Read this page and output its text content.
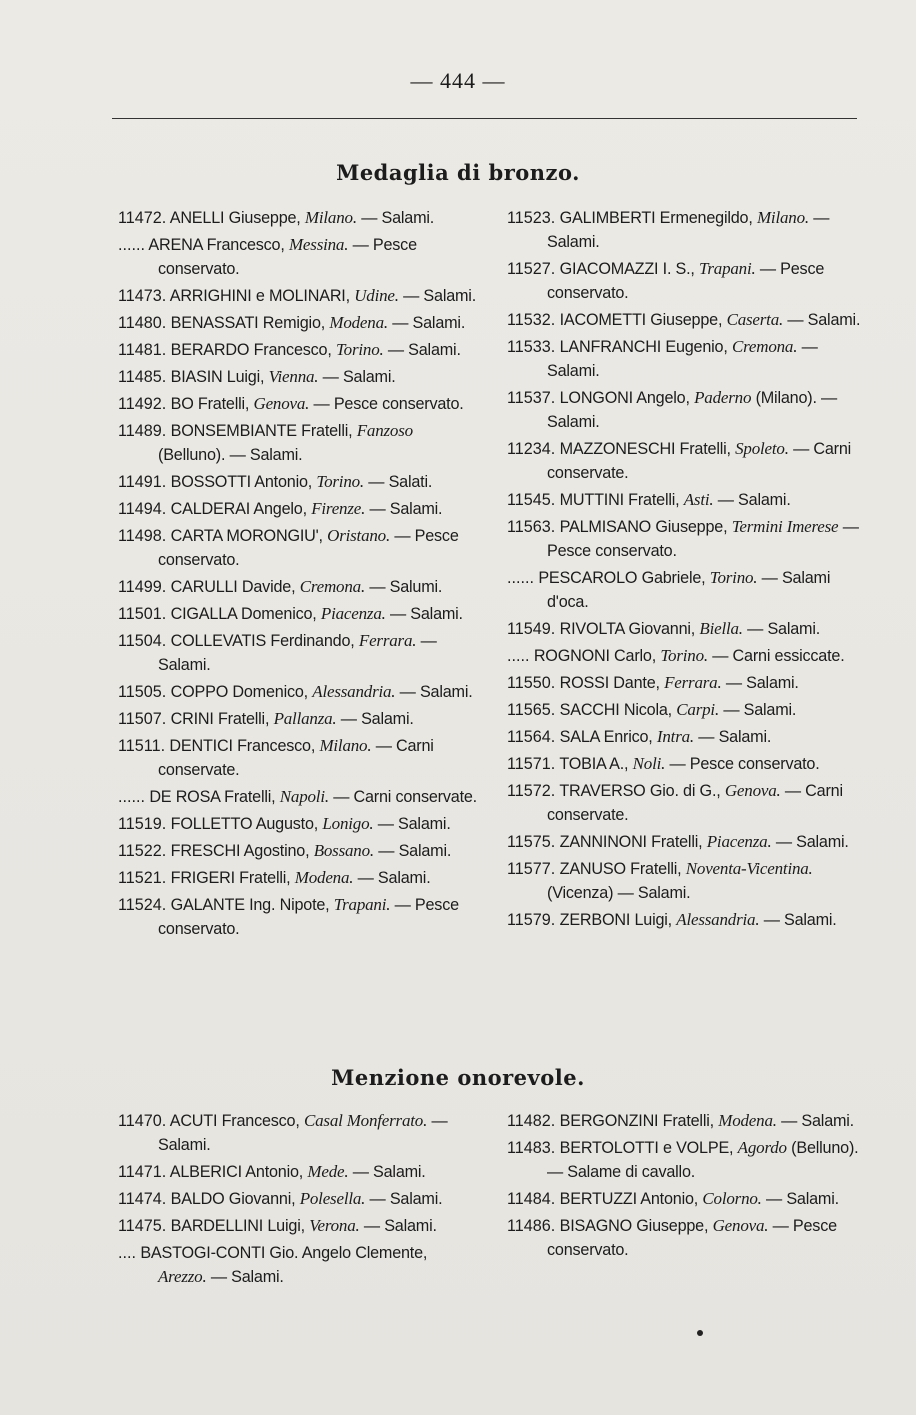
— 444 —
Medaglia di bronzo.
11472. ANELLI Giuseppe, Milano. — Salami.
...... ARENA Francesco, Messina. — Pesce conservato.
11473. ARRIGHINI e MOLINARI, Udine. — Salami.
11480. BENASSATI Remigio, Modena. — Salami.
11481. BERARDO Francesco, Torino. — Salami.
11485. BIASIN Luigi, Vienna. — Salami.
11492. BO Fratelli, Genova. — Pesce conservato.
11489. BONSEMBIANTE Fratelli, Fanzoso (Belluno). — Salami.
11491. BOSSOTTI Antonio, Torino. — Salati.
11494. CALDERAI Angelo, Firenze. — Salami.
11498. CARTA MORONGIU', Oristano. — Pesce conservato.
11499. CARULLI Davide, Cremona. — Salumi.
11501. CIGALLA Domenico, Piacenza. — Salami.
11504. COLLEVATIS Ferdinando, Ferrara. — Salami.
11505. COPPO Domenico, Alessandria. — Salami.
11507. CRINI Fratelli, Pallanza. — Salami.
11511. DENTICI Francesco, Milano. — Carni conservate.
...... DE ROSA Fratelli, Napoli. — Carni conservate.
11519. FOLLETTO Augusto, Lonigo. — Salami.
11522. FRESCHI Agostino, Bossano. — Salami.
11521. FRIGERI Fratelli, Modena. — Salami.
11524. GALANTE Ing. Nipote, Trapani. — Pesce conservato.
11523. GALIMBERTI Ermenegildo, Milano. — Salami.
11527. GIACOMAZZI I. S., Trapani. — Pesce conservato.
11532. IACOMETTI Giuseppe, Caserta. — Salami.
11533. LANFRANCHI Eugenio, Cremona. — Salami.
11537. LONGONI Angelo, Paderno (Milano). — Salami.
11234. MAZZONESCHI Fratelli, Spoleto. — Carni conservate.
11545. MUTTINI Fratelli, Asti. — Salami.
11563. PALMISANO Giuseppe, Termini Imerese — Pesce conservato.
...... PESCAROLO Gabriele, Torino. — Salami d'oca.
11549. RIVOLTA Giovanni, Biella. — Salami.
..... ROGNONI Carlo, Torino. — Carni essiccate.
11550. ROSSI Dante, Ferrara. — Salami.
11565. SACCHI Nicola, Carpi. — Salami.
11564. SALA Enrico, Intra. — Salami.
11571. TOBIA A., Noli. — Pesce conservato.
11572. TRAVERSO Gio. di G., Genova. — Carni conservate.
11575. ZANNINONI Fratelli, Piacenza. — Salami.
11577. ZANUSO Fratelli, Noventa-Vicentina. (Vicenza) — Salami.
11579. ZERBONI Luigi, Alessandria. — Salami.
Menzione onorevole.
11470. ACUTI Francesco, Casal Monferrato. — Salami.
11471. ALBERICI Antonio, Mede. — Salami.
11474. BALDO Giovanni, Polesella. — Salami.
11475. BARDELLINI Luigi, Verona. — Salami.
.... BASTOGI-CONTI Gio. Angelo Clemente, Arezzo. — Salami.
11482. BERGONZINI Fratelli, Modena. — Salami.
11483. BERTOLOTTI e VOLPE, Agordo (Belluno). — Salame di cavallo.
11484. BERTUZZI Antonio, Colorno. — Salami.
11486. BISAGNO Giuseppe, Genova. — Pesce conservato.
